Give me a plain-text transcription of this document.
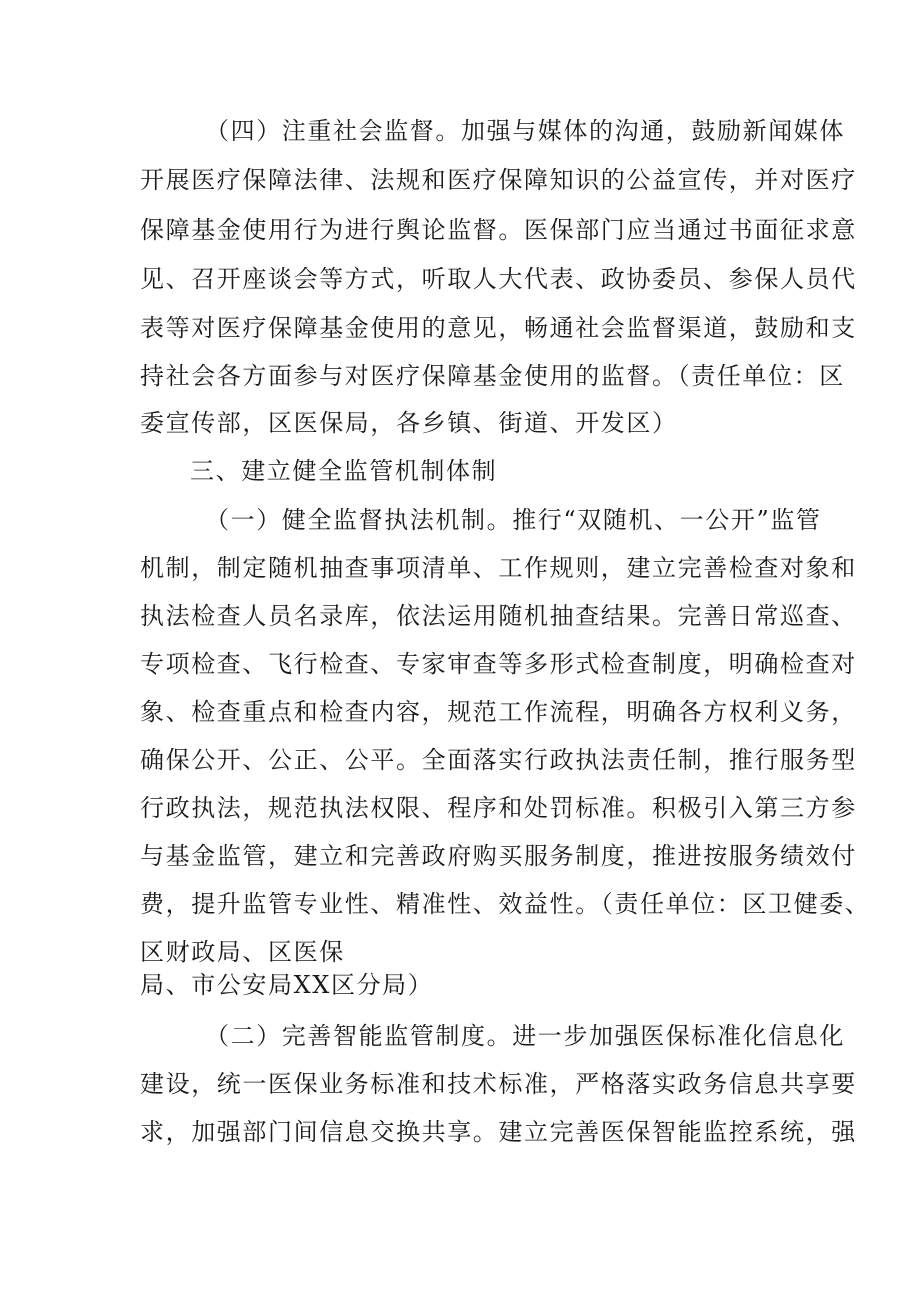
（四）注重社会监督。加强与媒体的沟通，鼓励新闻媒体
开展医疗保障法律、法规和医疗保障知识的公益宣传，并对医疗
保障基金使用行为进行舆论监督。医保部门应当通过书面征求意
见、召开座谈会等方式，听取人大代表、政协委员、参保人员代
表等对医疗保障基金使用的意见，畅通社会监督渠道，鼓励和支
持社会各方面参与对医疗保障基金使用的监督。（责任单位：区
委宣传部，区医保局，各乡镇、街道、开发区）
三、建立健全监管机制体制
（一）健全监督执法机制。推行“双随机、一公开”监管
机制，制定随机抽查事项清单、工作规则，建立完善检查对象和
执法检查人员名录库，依法运用随机抽查结果。完善日常巡查、
专项检查、飞行检查、专家审查等多形式检查制度，明确检查对
象、检查重点和检查内容，规范工作流程，明确各方权利义务，
确保公开、公正、公平。全面落实行政执法责任制，推行服务型
行政执法，规范执法权限、程序和处罚标准。积极引入第三方参
与基金监管，建立和完善政府购买服务制度，推进按服务绩效付
费，提升监管专业性、精准性、效益性。（责任单位：区卫健委、
区财政局、区医保
局、市公安局XX区分局）
（二）完善智能监管制度。进一步加强医保标准化信息化
建设，统一医保业务标准和技术标准，严格落实政务信息共享要
求，加强部门间信息交换共享。建立完善医保智能监控系统，强
